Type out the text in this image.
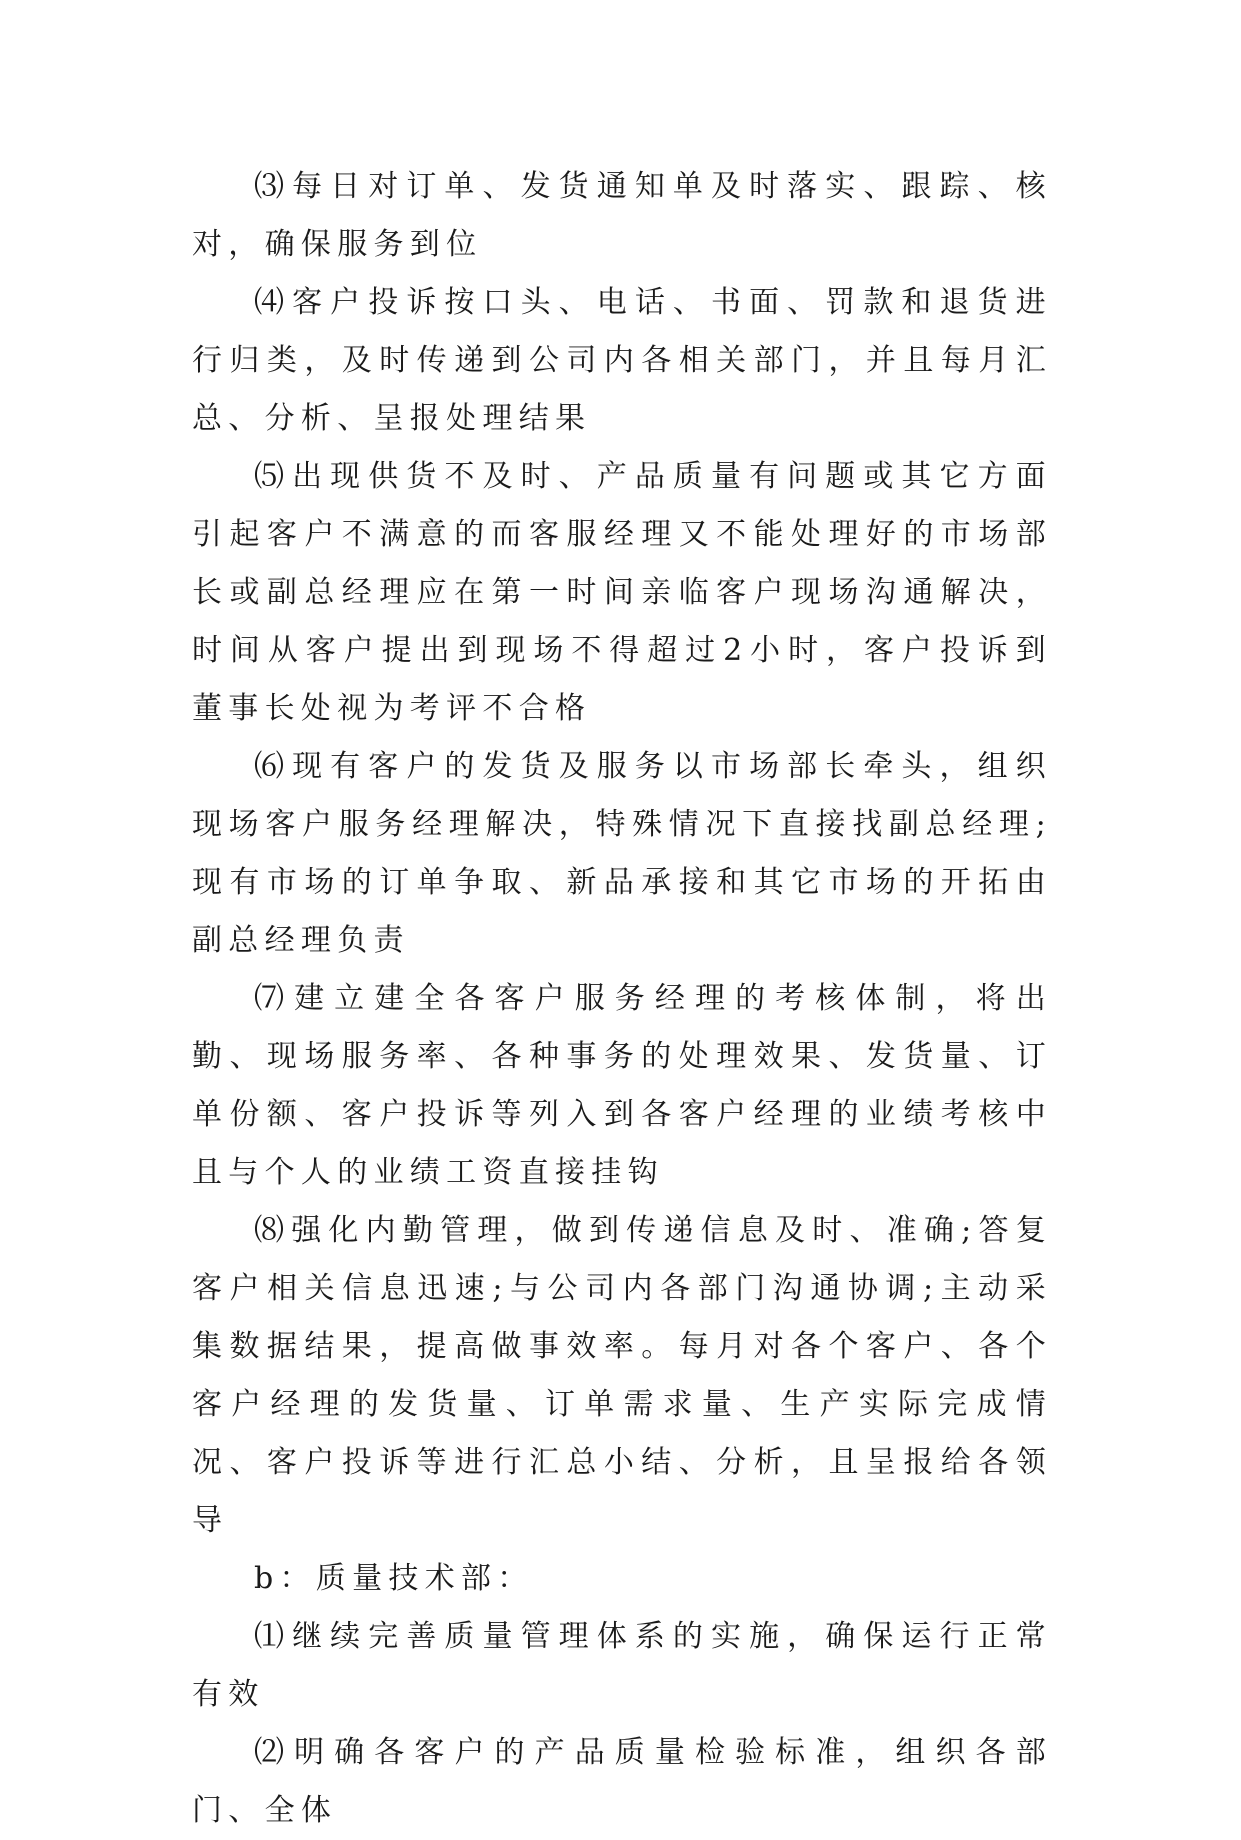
⑶每日对订单、发货通知单及时落实、跟踪、核对，确保服务到位

⑷客户投诉按口头、电话、书面、罚款和退货进行归类，及时传递到公司内各相关部门，并且每月汇总、分析、呈报处理结果

⑸出现供货不及时、产品质量有问题或其它方面引起客户不满意的而客服经理又不能处理好的市场部长或副总经理应在第一时间亲临客户现场沟通解决，时间从客户提出到现场不得超过2小时，客户投诉到董事长处视为考评不合格

⑹现有客户的发货及服务以市场部长牵头，组织现场客户服务经理解决，特殊情况下直接找副总经理;现有市场的订单争取、新品承接和其它市场的开拓由副总经理负责

⑺建立建全各客户服务经理的考核体制，将出勤、现场服务率、各种事务的处理效果、发货量、订单份额、客户投诉等列入到各客户经理的业绩考核中且与个人的业绩工资直接挂钩

⑻强化内勤管理，做到传递信息及时、准确;答复客户相关信息迅速;与公司内各部门沟通协调;主动采集数据结果，提高做事效率。每月对各个客户、各个客户经理的发货量、订单需求量、生产实际完成情况、客户投诉等进行汇总小结、分析，且呈报给各领导

b：质量技术部：

⑴继续完善质量管理体系的实施，确保运行正常有效

⑵明确各客户的产品质量检验标准，组织各部门、全体
